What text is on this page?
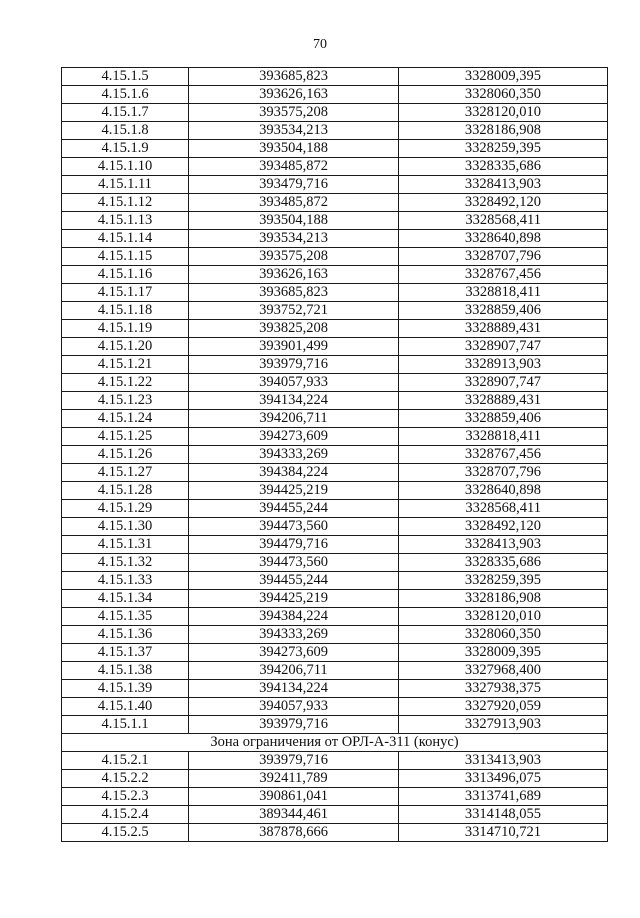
70
4.15.1.5	393685,823	3328009,395
4.15.1.6	393626,163	3328060,350
4.15.1.7	393575,208	3328120,010
4.15.1.8	393534,213	3328186,908
4.15.1.9	393504,188	3328259,395
4.15.1.10	393485,872	3328335,686
4.15.1.11	393479,716	3328413,903
4.15.1.12	393485,872	3328492,120
4.15.1.13	393504,188	3328568,411
4.15.1.14	393534,213	3328640,898
4.15.1.15	393575,208	3328707,796
4.15.1.16	393626,163	3328767,456
4.15.1.17	393685,823	3328818,411
4.15.1.18	393752,721	3328859,406
4.15.1.19	393825,208	3328889,431
4.15.1.20	393901,499	3328907,747
4.15.1.21	393979,716	3328913,903
4.15.1.22	394057,933	3328907,747
4.15.1.23	394134,224	3328889,431
4.15.1.24	394206,711	3328859,406
4.15.1.25	394273,609	3328818,411
4.15.1.26	394333,269	3328767,456
4.15.1.27	394384,224	3328707,796
4.15.1.28	394425,219	3328640,898
4.15.1.29	394455,244	3328568,411
4.15.1.30	394473,560	3328492,120
4.15.1.31	394479,716	3328413,903
4.15.1.32	394473,560	3328335,686
4.15.1.33	394455,244	3328259,395
4.15.1.34	394425,219	3328186,908
4.15.1.35	394384,224	3328120,010
4.15.1.36	394333,269	3328060,350
4.15.1.37	394273,609	3328009,395
4.15.1.38	394206,711	3327968,400
4.15.1.39	394134,224	3327938,375
4.15.1.40	394057,933	3327920,059
4.15.1.1	393979,716	3327913,903
Зона ограничения от ОРЛ-А-311 (конус)		
4.15.2.1	393979,716	3313413,903
4.15.2.2	392411,789	3313496,075
4.15.2.3	390861,041	3313741,689
4.15.2.4	389344,461	3314148,055
4.15.2.5	387878,666	3314710,721
